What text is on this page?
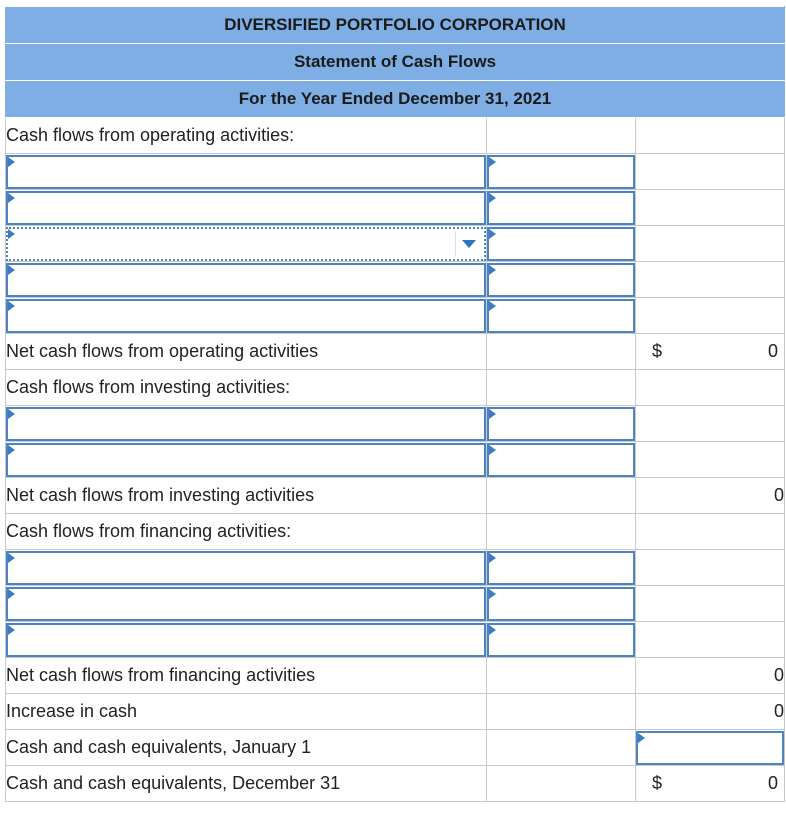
DIVERSIFIED PORTFOLIO CORPORATION		
Statement of Cash Flows		
For the Year Ended December 31, 2021		
Cash flows from operating activities:		

Net cash flows from operating activities		$ 0

Cash flows from investing activities:		

Net cash flows from investing activities		0
Cash flows from financing activities:		

Net cash flows from financing activities		0
Increase in cash		0
Cash and cash equivalents, January 1		

Cash and cash equivalents, December 31		$ 0
